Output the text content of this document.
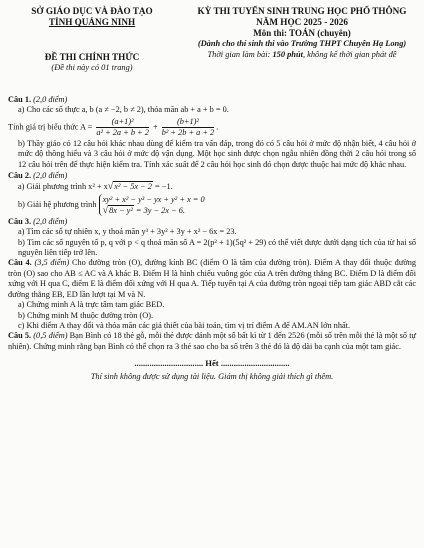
SỞ GIÁO DỤC VÀ ĐÀO TẠO
TỈNH QUẢNG NINH
ĐỀ THI CHÍNH THỨC
(Đề thi này có 01 trang)
KỲ THI TUYỂN SINH TRUNG HỌC PHỔ THÔNG
NĂM HỌC 2025 - 2026
Môn thi: TOÁN (chuyên)
(Dành cho thí sinh thi vào Trường THPT Chuyên Hạ Long)
Thời gian làm bài: 150 phút, không kể thời gian phát đề
Câu 1. (2,0 điểm)

a) Cho các số thực a, b (a ≠ −2, b ≠ 2), thỏa mãn ab + a + b = 0.

Tính giá trị biểu thức $A = \frac{\text{(a+1)²}}{\text{a² + 2a + b + 2}} + \frac{\text{(b+1)²}}{\text{b² + 2b + a + 2}}$ .

b) Thầy giáo có 12 câu hỏi khác nhau dùng để kiểm tra vấn đáp, trong đó có 5 câu hỏi ở mức độ nhận biết, 4 câu hỏi ở mức độ thông hiểu và 3 câu hỏi ở mức độ vận dụng. Một học sinh được chọn ngẫu nhiên đồng thời 2 câu hỏi trong số 12 câu hỏi trên để thực hiện kiểm tra. Tính xác suất để 2 câu hỏi học sinh đó chọn được thuộc hai mức độ khác nhau.

Câu 2. (2,0 điểm)

a) Giải phương trình x² + x√x² − 5x − 2 = −1.

b) Giải hệ phương trình
xy² + x² − y³ − yx + y² + x = 0
√8x − y² = 3y − 2x − 6.

Câu 3. (2,0 điểm)

a) Tìm các số tự nhiên x, y thoả mãn y³ + 3y² + 3y + x² − 6x = 23.

b) Tìm các số nguyên tố p, q với p < q thoả mãn số A = 2(p² + 1)(5q² + 29) có thể viết được dưới dạng tích của từ hai số nguyên liên tiếp trở lên.

Câu 4. (3,5 điểm) Cho đường tròn (O), đường kính BC (điểm O là tâm của đường tròn). Điểm A thay đổi thuộc đường tròn (O) sao cho AB ≤ AC và A khác B. Điểm H là hình chiếu vuông góc của A trên đường thẳng BC. Điểm D là điểm đối xứng với H qua C, điểm E là điểm đối xứng với H qua A. Tiếp tuyến tại A của đường tròn ngoại tiếp tam giác ABD cắt các đường thẳng EB, ED lần lượt tại M và N.

a) Chứng minh A là trực tâm tam giác BED.

b) Chứng minh M thuộc đường tròn (O).

c) Khi điểm A thay đổi và thỏa mãn các giả thiết của bài toán, tìm vị trí điểm A để AM.AN lớn nhất.

Câu 5. (0,5 điểm) Bạn Bình có 18 thẻ gỗ, mỗi thẻ được đánh một số bất kì từ 1 đến 2526 (mỗi số trên mỗi thẻ là một số tự nhiên). Chứng minh rằng bạn Bình có thể chọn ra 3 thẻ sao cho ba số trên 3 thẻ đó là độ dài ba cạnh của một tam giác.

................................ Hết ................................
Thí sinh không được sử dụng tài liệu. Giám thị không giải thích gì thêm.
